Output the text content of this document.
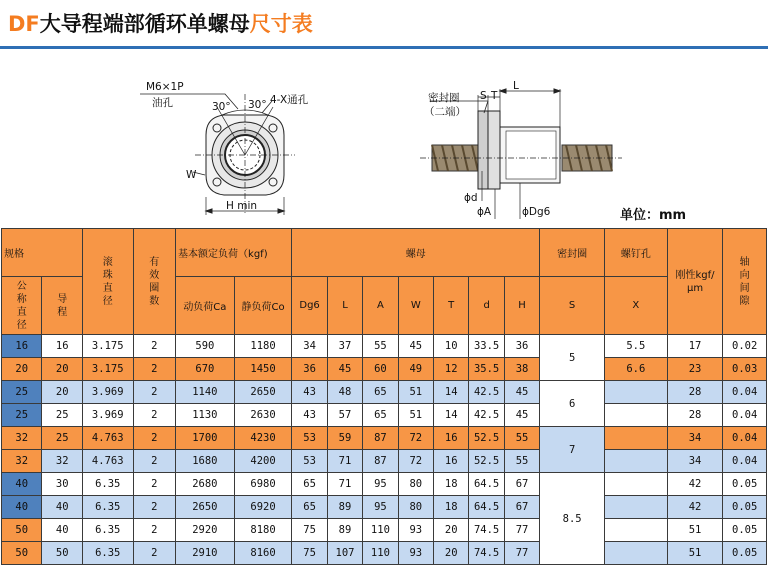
DF大导程端部循环单螺母尺寸表
M6×1P
油孔	30° 30° 4-X通孔
W
H min
密封圈
（二端）
S T
L
ϕd
ϕA	ϕDg6	单位：mm
规格		滚珠直径	有效圈数	基本额定负荷（kgf)		螺母							密封圈	螺钉孔	刚性kgf/μm	轴向间隙
公称直径	导程			动负荷Ca	静负荷Co	Dg6	L	A	W	T	d	H	S	X		
16	16	3.175	2	590	1180	34	37	55	45	10	33.5	36	5	5.5	17	0.02
20	20	3.175	2	670	1450	36	45	60	49	12	35.5	38		6.6	23	0.03
25	20	3.969	2	1140	2650	43	48	65	51	14	42.5	45	6		28	0.04
25	25	3.969	2	1130	2630	43	57	65	51	14	42.5	45			28	0.04
32	25	4.763	2	1700	4230	53	59	87	72	16	52.5	55	7		34	0.04
32	32	4.763	2	1680	4200	53	71	87	72	16	52.5	55			34	0.04
40	30	6.35	2	2680	6980	65	71	95	80	18	64.5	67	8.5		42	0.05
40	40	6.35	2	2650	6920	65	89	95	80	18	64.5	67			42	0.05
50	40	6.35	2	2920	8180	75	89	110	93	20	74.5	77			51	0.05
50	50	6.35	2	2910	8160	75	107	110	93	20	74.5	77			51	0.05
